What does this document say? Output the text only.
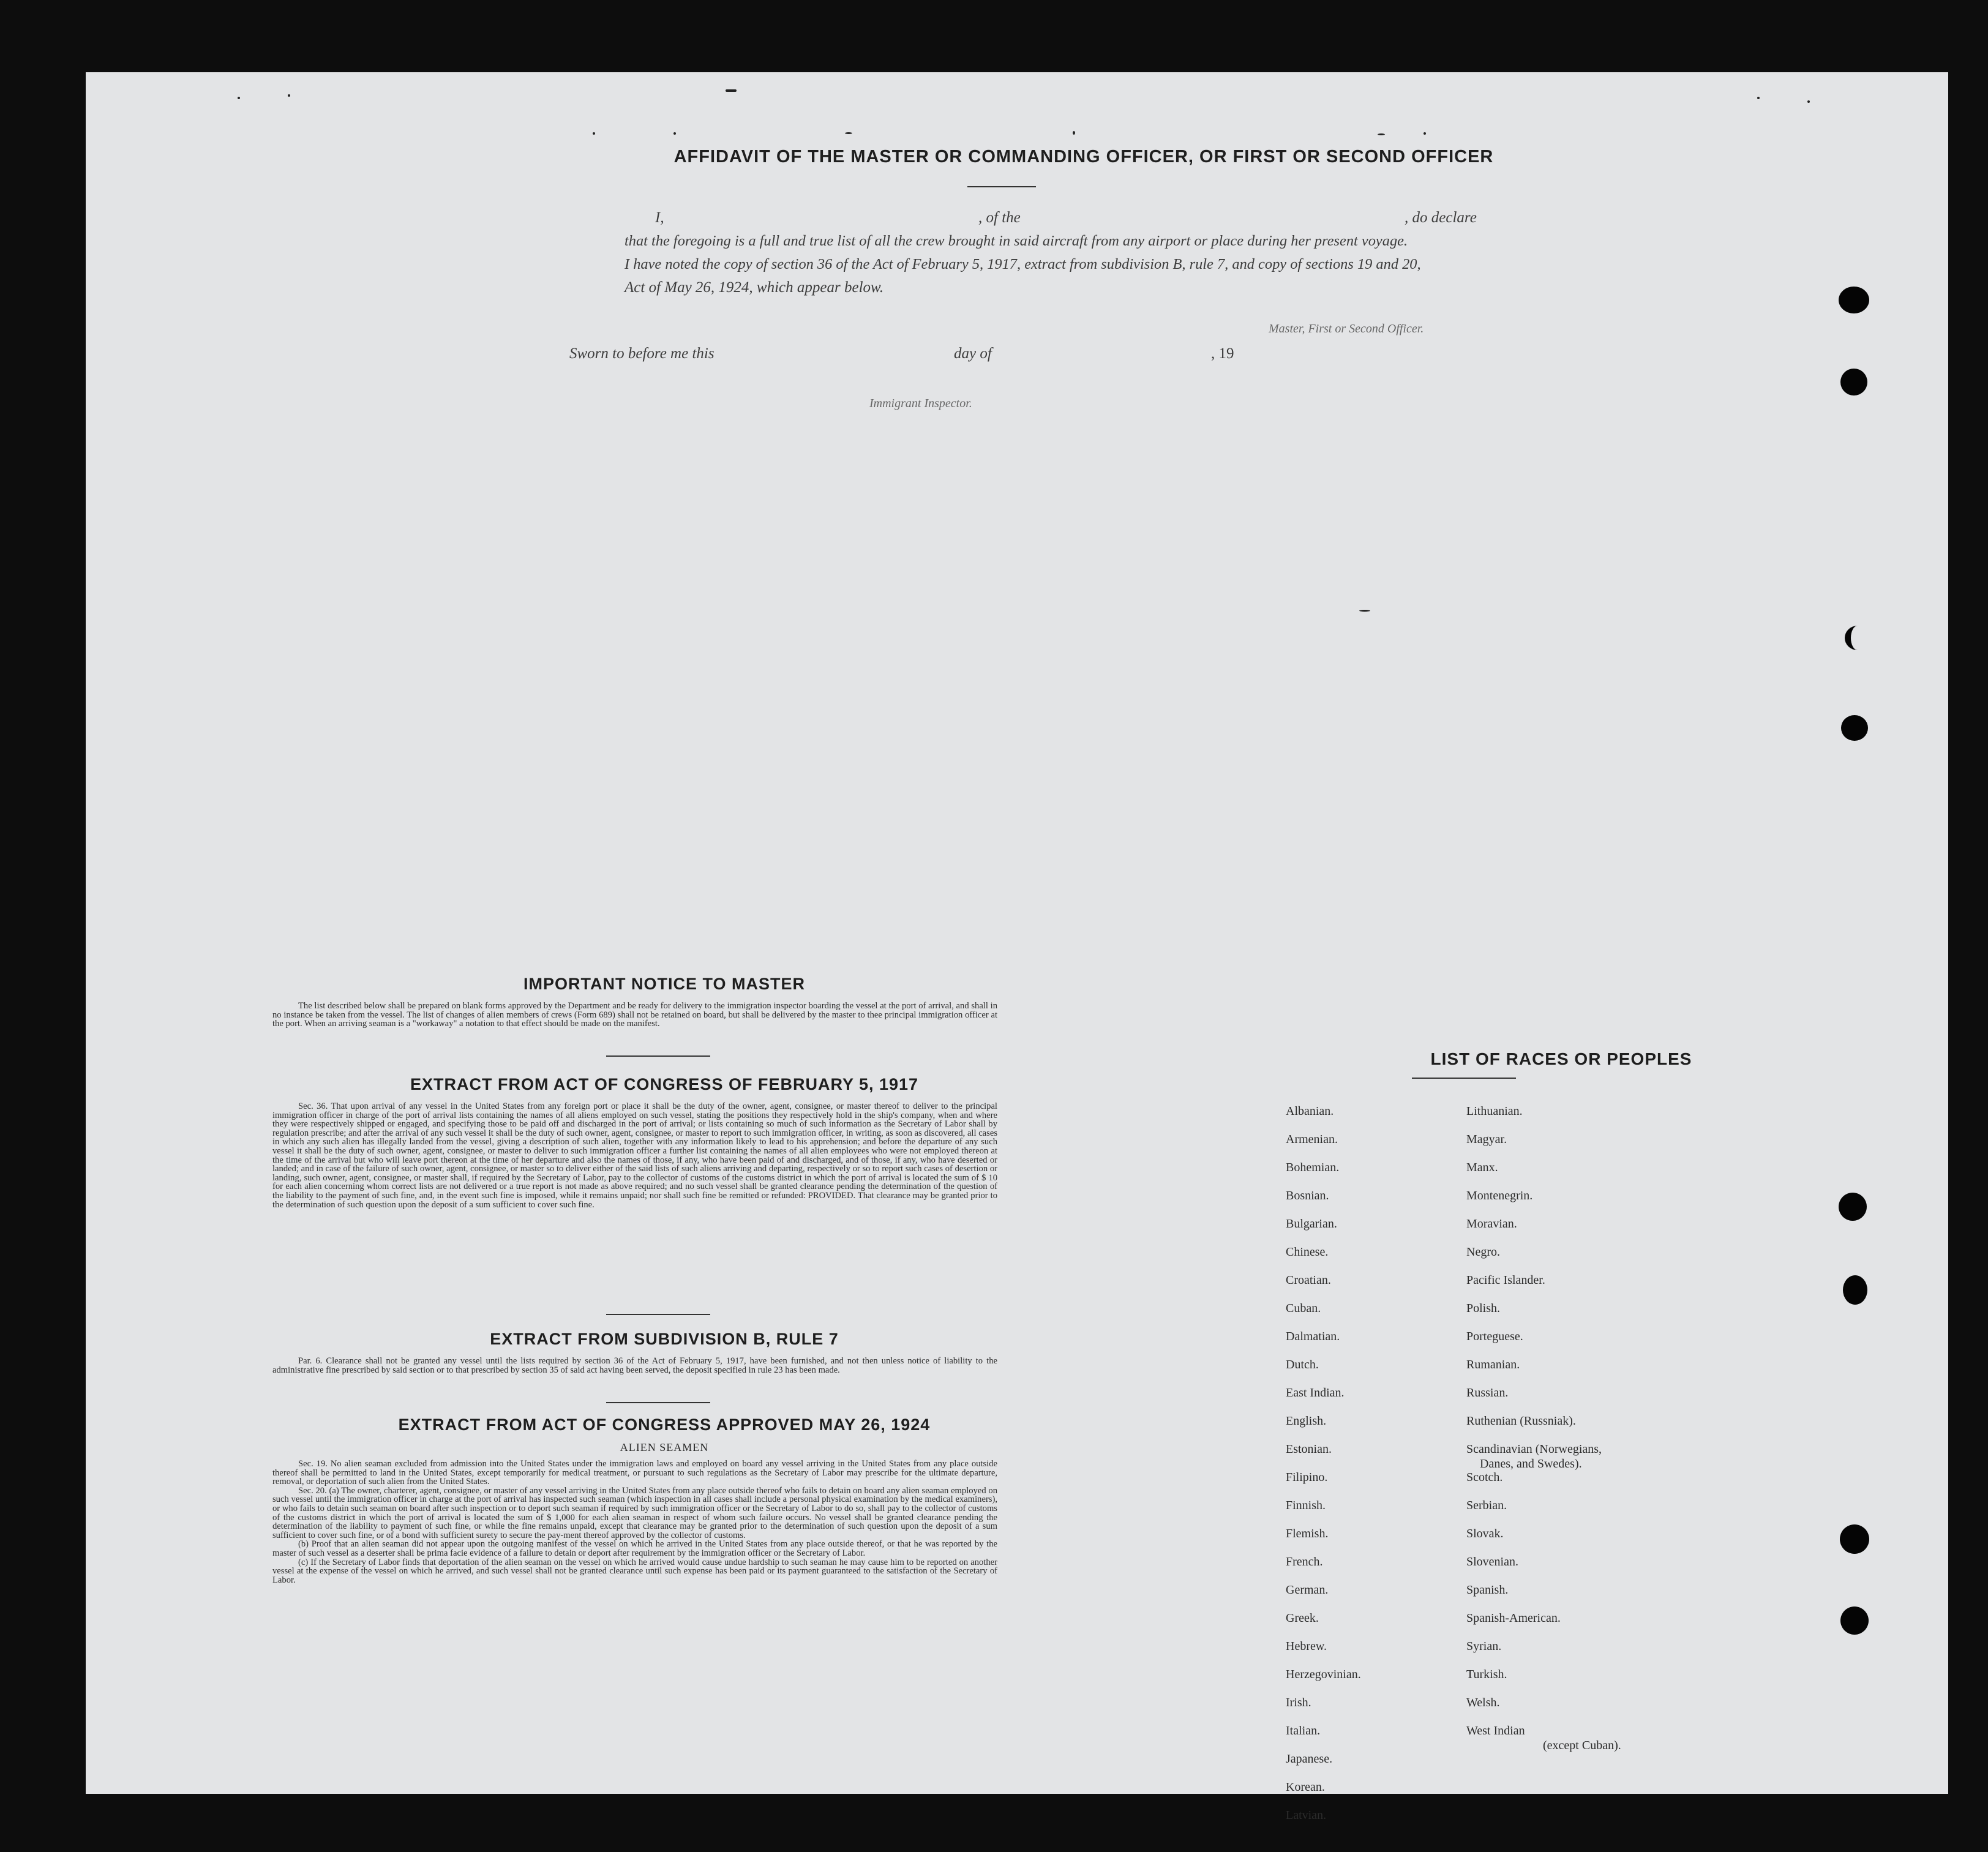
AFFIDAVIT OF THE MASTER OR COMMANDING OFFICER, OR FIRST OR SECOND OFFICER
I,	, of the	, do declare
that the foregoing is a full and true list of all the crew brought in said aircraft from any airport or place during her present voyage.
I have noted the copy of section 36 of the Act of February 5, 1917, extract from subdivision B, rule 7, and copy of sections 19 and 20,
Act of May 26, 1924, which appear below.
Master, First or Second Officer.
Sworn to before me this	day of	, 19
Immigrant Inspector.
IMPORTANT NOTICE TO MASTER

The list described below shall be prepared on blank forms approved by the Department and be ready for delivery to the immigration inspector boarding the vessel at the port of arrival, and shall in no instance be taken from the vessel. The list of changes of alien members of crews (Form 689) shall not be retained on board, but shall be delivered by the master to thee principal immigration officer at the port. When an arriving seaman is a "workaway" a notation to that effect should be made on the manifest.

EXTRACT FROM ACT OF CONGRESS OF FEBRUARY 5, 1917

Sec. 36. That upon arrival of any vessel in the United States from any foreign port or place it shall be the duty of the owner, agent, consignee, or master thereof to deliver to the principal immigration officer in charge of the port of arrival lists containing the names of all aliens employed on such vessel, stating the positions they respectively hold in the ship's company, when and where they were respectively shipped or engaged, and specifying those to be paid off and discharged in the port of arrival; or lists containing so much of such information as the Secretary of Labor shall by regulation prescribe; and after the arrival of any such vessel it shall be the duty of such owner, agent, consignee, or master to report to such immigration officer, in writing, as soon as discovered, all cases in which any such alien has illegally landed from the vessel, giving a description of such alien, together with any information likely to lead to his apprehension; and before the departure of any such vessel it shall be the duty of such owner, agent, consignee, or master to deliver to such immigration officer a further list containing the names of all alien employees who were not employed thereon at the time of the arrival but who will leave port thereon at the time of her departure and also the names of those, if any, who have been paid of and discharged, and of those, if any, who have deserted or landed; and in case of the failure of such owner, agent, consignee, or master so to deliver either of the said lists of such aliens arriving and departing, respectively or so to report such cases of desertion or landing, such owner, agent, consignee, or master shall, if required by the Secretary of Labor, pay to the collector of customs of the customs district in which the port of arrival is located the sum of $ 10 for each alien concerning whom correct lists are not delivered or a true report is not made as above required; and no such vessel shall be granted clearance pending the determination of the question of the liability to the payment of such fine, and, in the event such fine is imposed, while it remains unpaid; nor shall such fine be remitted or refunded: PROVIDED. That clearance may be granted prior to the determination of such question upon the deposit of a sum sufficient to cover such fine.

EXTRACT FROM SUBDIVISION B, RULE 7

Par. 6. Clearance shall not be granted any vessel until the lists required by section 36 of the Act of February 5, 1917, have been furnished, and not then unless notice of liability to the administrative fine prescribed by said section or to that prescribed by section 35 of said act having been served, the deposit specified in rule 23 has been made.

EXTRACT FROM ACT OF CONGRESS APPROVED MAY 26, 1924
ALIEN SEAMEN

Sec. 19. No alien seaman excluded from admission into the United States under the immigration laws and employed on board any vessel arriving in the United States from any place outside thereof shall be permitted to land in the United States, except temporarily for medical treatment, or pursuant to such regulations as the Secretary of Labor may prescribe for the ultimate departure, removal, or deportation of such alien from the United States.

Sec. 20. (a) The owner, charterer, agent, consignee, or master of any vessel arriving in the United States from any place outside thereof who fails to detain on board any alien seaman employed on such vessel until the immigration officer in charge at the port of arrival has inspected such seaman (which inspection in all cases shall include a personal physical examination by the medical examiners), or who fails to detain such seaman on board after such inspection or to deport such seaman if required by such immigration officer or the Secretary of Labor to do so, shall pay to the collector of customs of the customs district in which the port of arrival is located the sum of $ 1,000 for each alien seaman in respect of whom such failure occurs. No vessel shall be granted clearance pending the determination of the liability to payment of such fine, or while the fine remains unpaid, except that clearance may be granted prior to the determination of such question upon the deposit of a sum sufficient to cover such fine, or of a bond with sufficient surety to secure the pay-ment thereof approved by the collector of customs.

(b) Proof that an alien seaman did not appear upon the outgoing manifest of the vessel on which he arrived in the United States from any place outside thereof, or that he was reported by the master of such vessel as a deserter shall be prima facie evidence of a failure to detain or deport after requirement by the immigration officer or the Secretary of Labor.

(c) If the Secretary of Labor finds that deportation of the alien seaman on the vessel on which he arrived would cause undue hardship to such seaman he may cause him to be reported on another vessel at the expense of the vessel on which he arrived, and such vessel shall not be granted clearance until such expense has been paid or its payment guaranteed to the satisfaction of the Secretary of Labor.

LIST OF RACES OR PEOPLES
Albanian.
Armenian.
Bohemian.
Bosnian.
Bulgarian.
Chinese.
Croatian.
Cuban.
Dalmatian.
Dutch.
East Indian.
English.
Estonian.
Filipino.
Finnish.
Flemish.
French.
German.
Greek.
Hebrew.
Herzegovinian.
Irish.
Italian.
Japanese.
Korean.
Latvian.
Lithuanian.
Magyar.
Manx.
Montenegrin.
Moravian.
Negro.
Pacific Islander.
Polish.
Porteguese.
Rumanian.
Russian.
Ruthenian (Russniak).
Scandinavian (Norwegians,
Danes, and Swedes).
Scotch.
Serbian.
Slovak.
Slovenian.
Spanish.
Spanish-American.
Syrian.
Turkish.
Welsh.
West Indian
(except Cuban).
